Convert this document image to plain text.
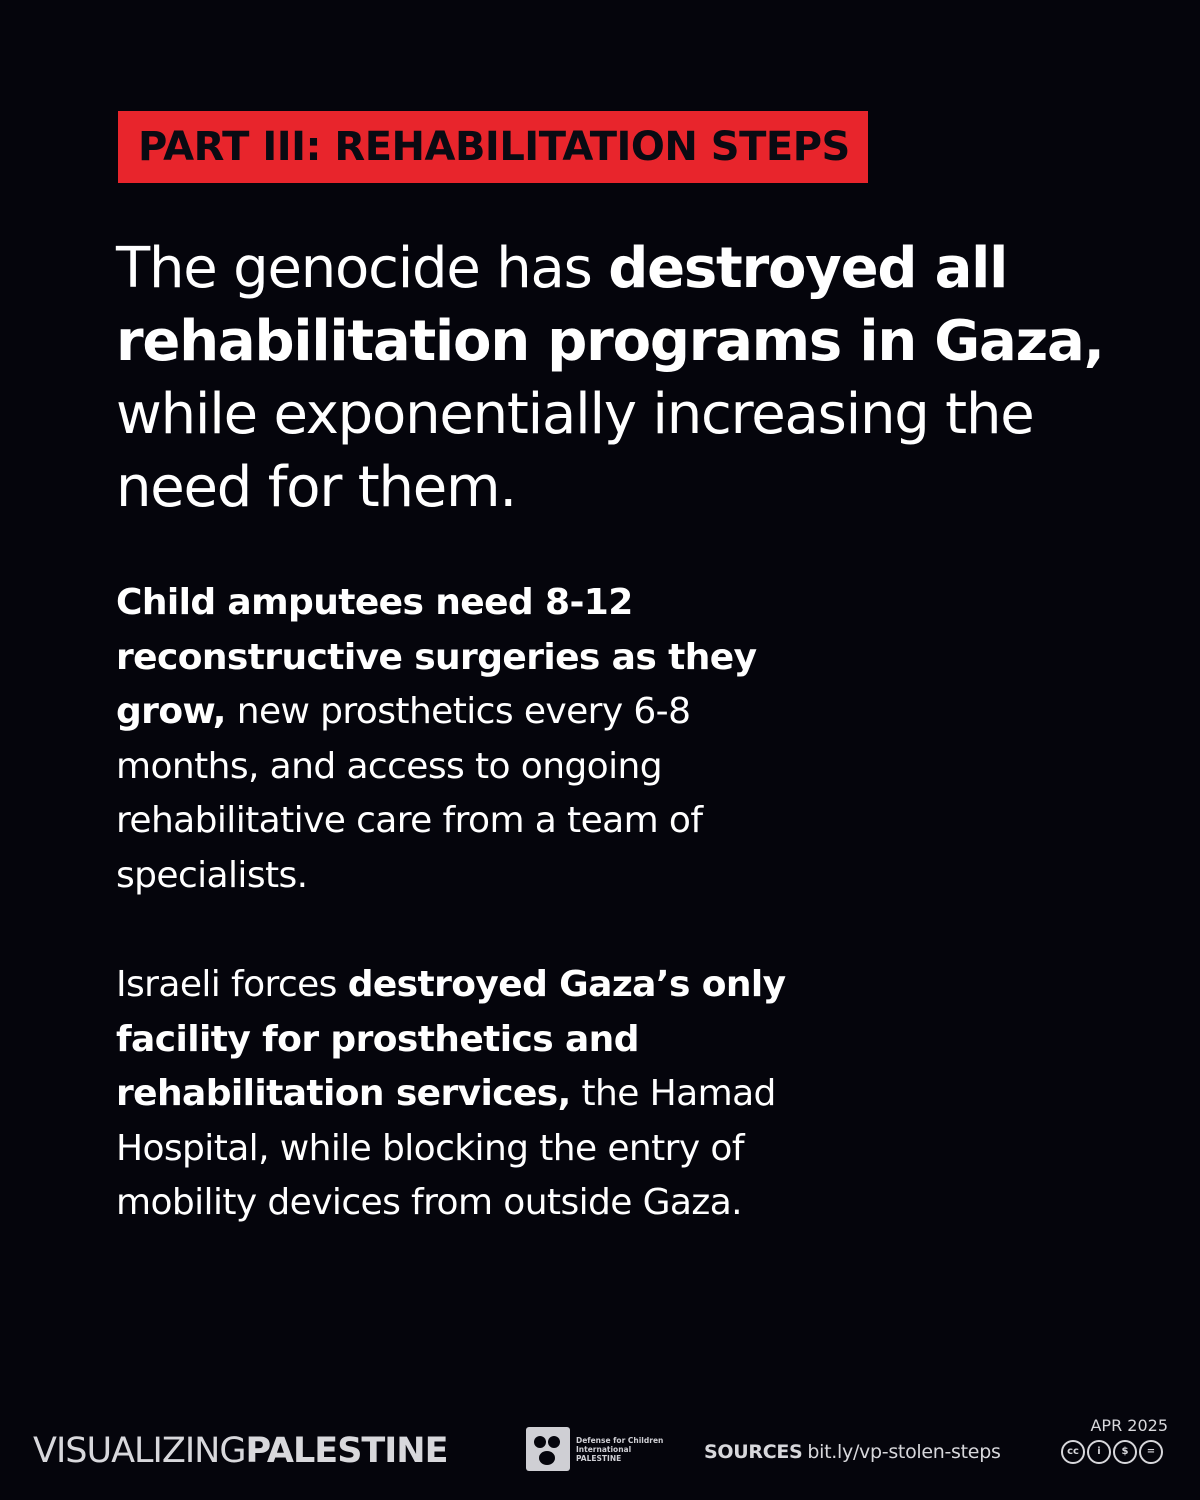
PART III: REHABILITATION STEPS
The genocide has destroyed all rehabilitation programs in Gaza, while exponentially increasing the need for them.

Child amputees need 8-12 reconstructive surgeries as they grow, new prosthetics every 6-8 months, and access to ongoing rehabilitative care from a team of specialists.

Israeli forces destroyed Gaza’s only facility for prosthetics and rehabilitation services, the Hamad Hospital, while blocking the entry of mobility devices from outside Gaza.

VISUALIZINGPALESTINE	Defense for Children
International
PALESTINE	SOURCES bit.ly/vp-stolen-steps
APR 2025
cc	i	$	=
